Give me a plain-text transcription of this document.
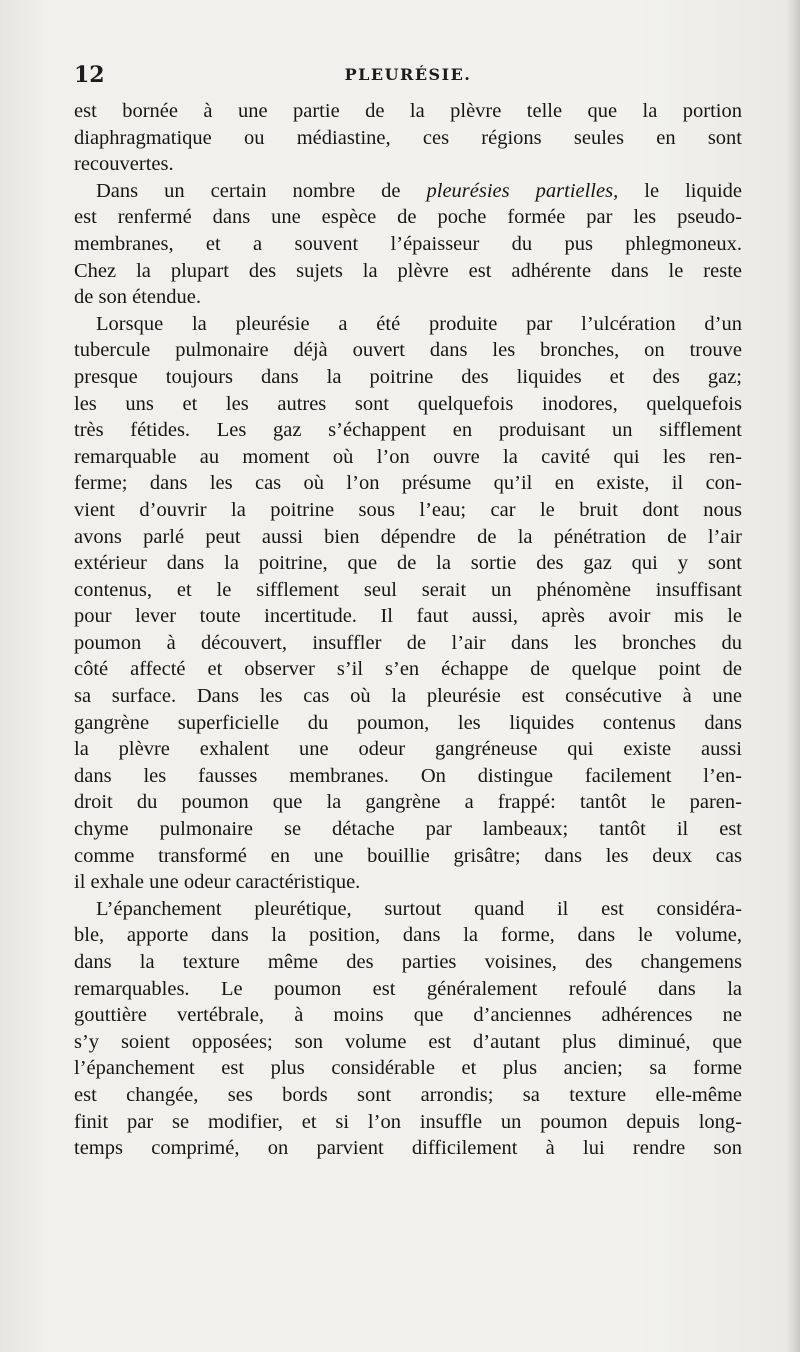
12	PLEURÉSIE.
est bornée à une partie de la plèvre telle que la portion
diaphragmatique ou médiastine, ces régions seules en sont
recouvertes.
Dans un certain nombre de pleurésies partielles, le liquide
est renfermé dans une espèce de poche formée par les pseudo-
membranes, et a souvent l’épaisseur du pus phlegmoneux.
Chez la plupart des sujets la plèvre est adhérente dans le reste
de son étendue.
Lorsque la pleurésie a été produite par l’ulcération d’un
tubercule pulmonaire déjà ouvert dans les bronches, on trouve
presque toujours dans la poitrine des liquides et des gaz;
les uns et les autres sont quelquefois inodores, quelquefois
très fétides. Les gaz s’échappent en produisant un sifflement
remarquable au moment où l’on ouvre la cavité qui les ren-
ferme; dans les cas où l’on présume qu’il en existe, il con-
vient d’ouvrir la poitrine sous l’eau; car le bruit dont nous
avons parlé peut aussi bien dépendre de la pénétration de l’air
extérieur dans la poitrine, que de la sortie des gaz qui y sont
contenus, et le sifflement seul serait un phénomène insuffisant
pour lever toute incertitude. Il faut aussi, après avoir mis le
poumon à découvert, insuffler de l’air dans les bronches du
côté affecté et observer s’il s’en échappe de quelque point de
sa surface. Dans les cas où la pleurésie est consécutive à une
gangrène superficielle du poumon, les liquides contenus dans
la plèvre exhalent une odeur gangréneuse qui existe aussi
dans les fausses membranes. On distingue facilement l’en-
droit du poumon que la gangrène a frappé: tantôt le paren-
chyme pulmonaire se détache par lambeaux; tantôt il est
comme transformé en une bouillie grisâtre; dans les deux cas
il exhale une odeur caractéristique.
L’épanchement pleurétique, surtout quand il est considéra-
ble, apporte dans la position, dans la forme, dans le volume,
dans la texture même des parties voisines, des changemens
remarquables. Le poumon est généralement refoulé dans la
gouttière vertébrale, à moins que d’anciennes adhérences ne
s’y soient opposées; son volume est d’autant plus diminué, que
l’épanchement est plus considérable et plus ancien; sa forme
est changée, ses bords sont arrondis; sa texture elle-même
finit par se modifier, et si l’on insuffle un poumon depuis long-
temps comprimé, on parvient difficilement à lui rendre son
